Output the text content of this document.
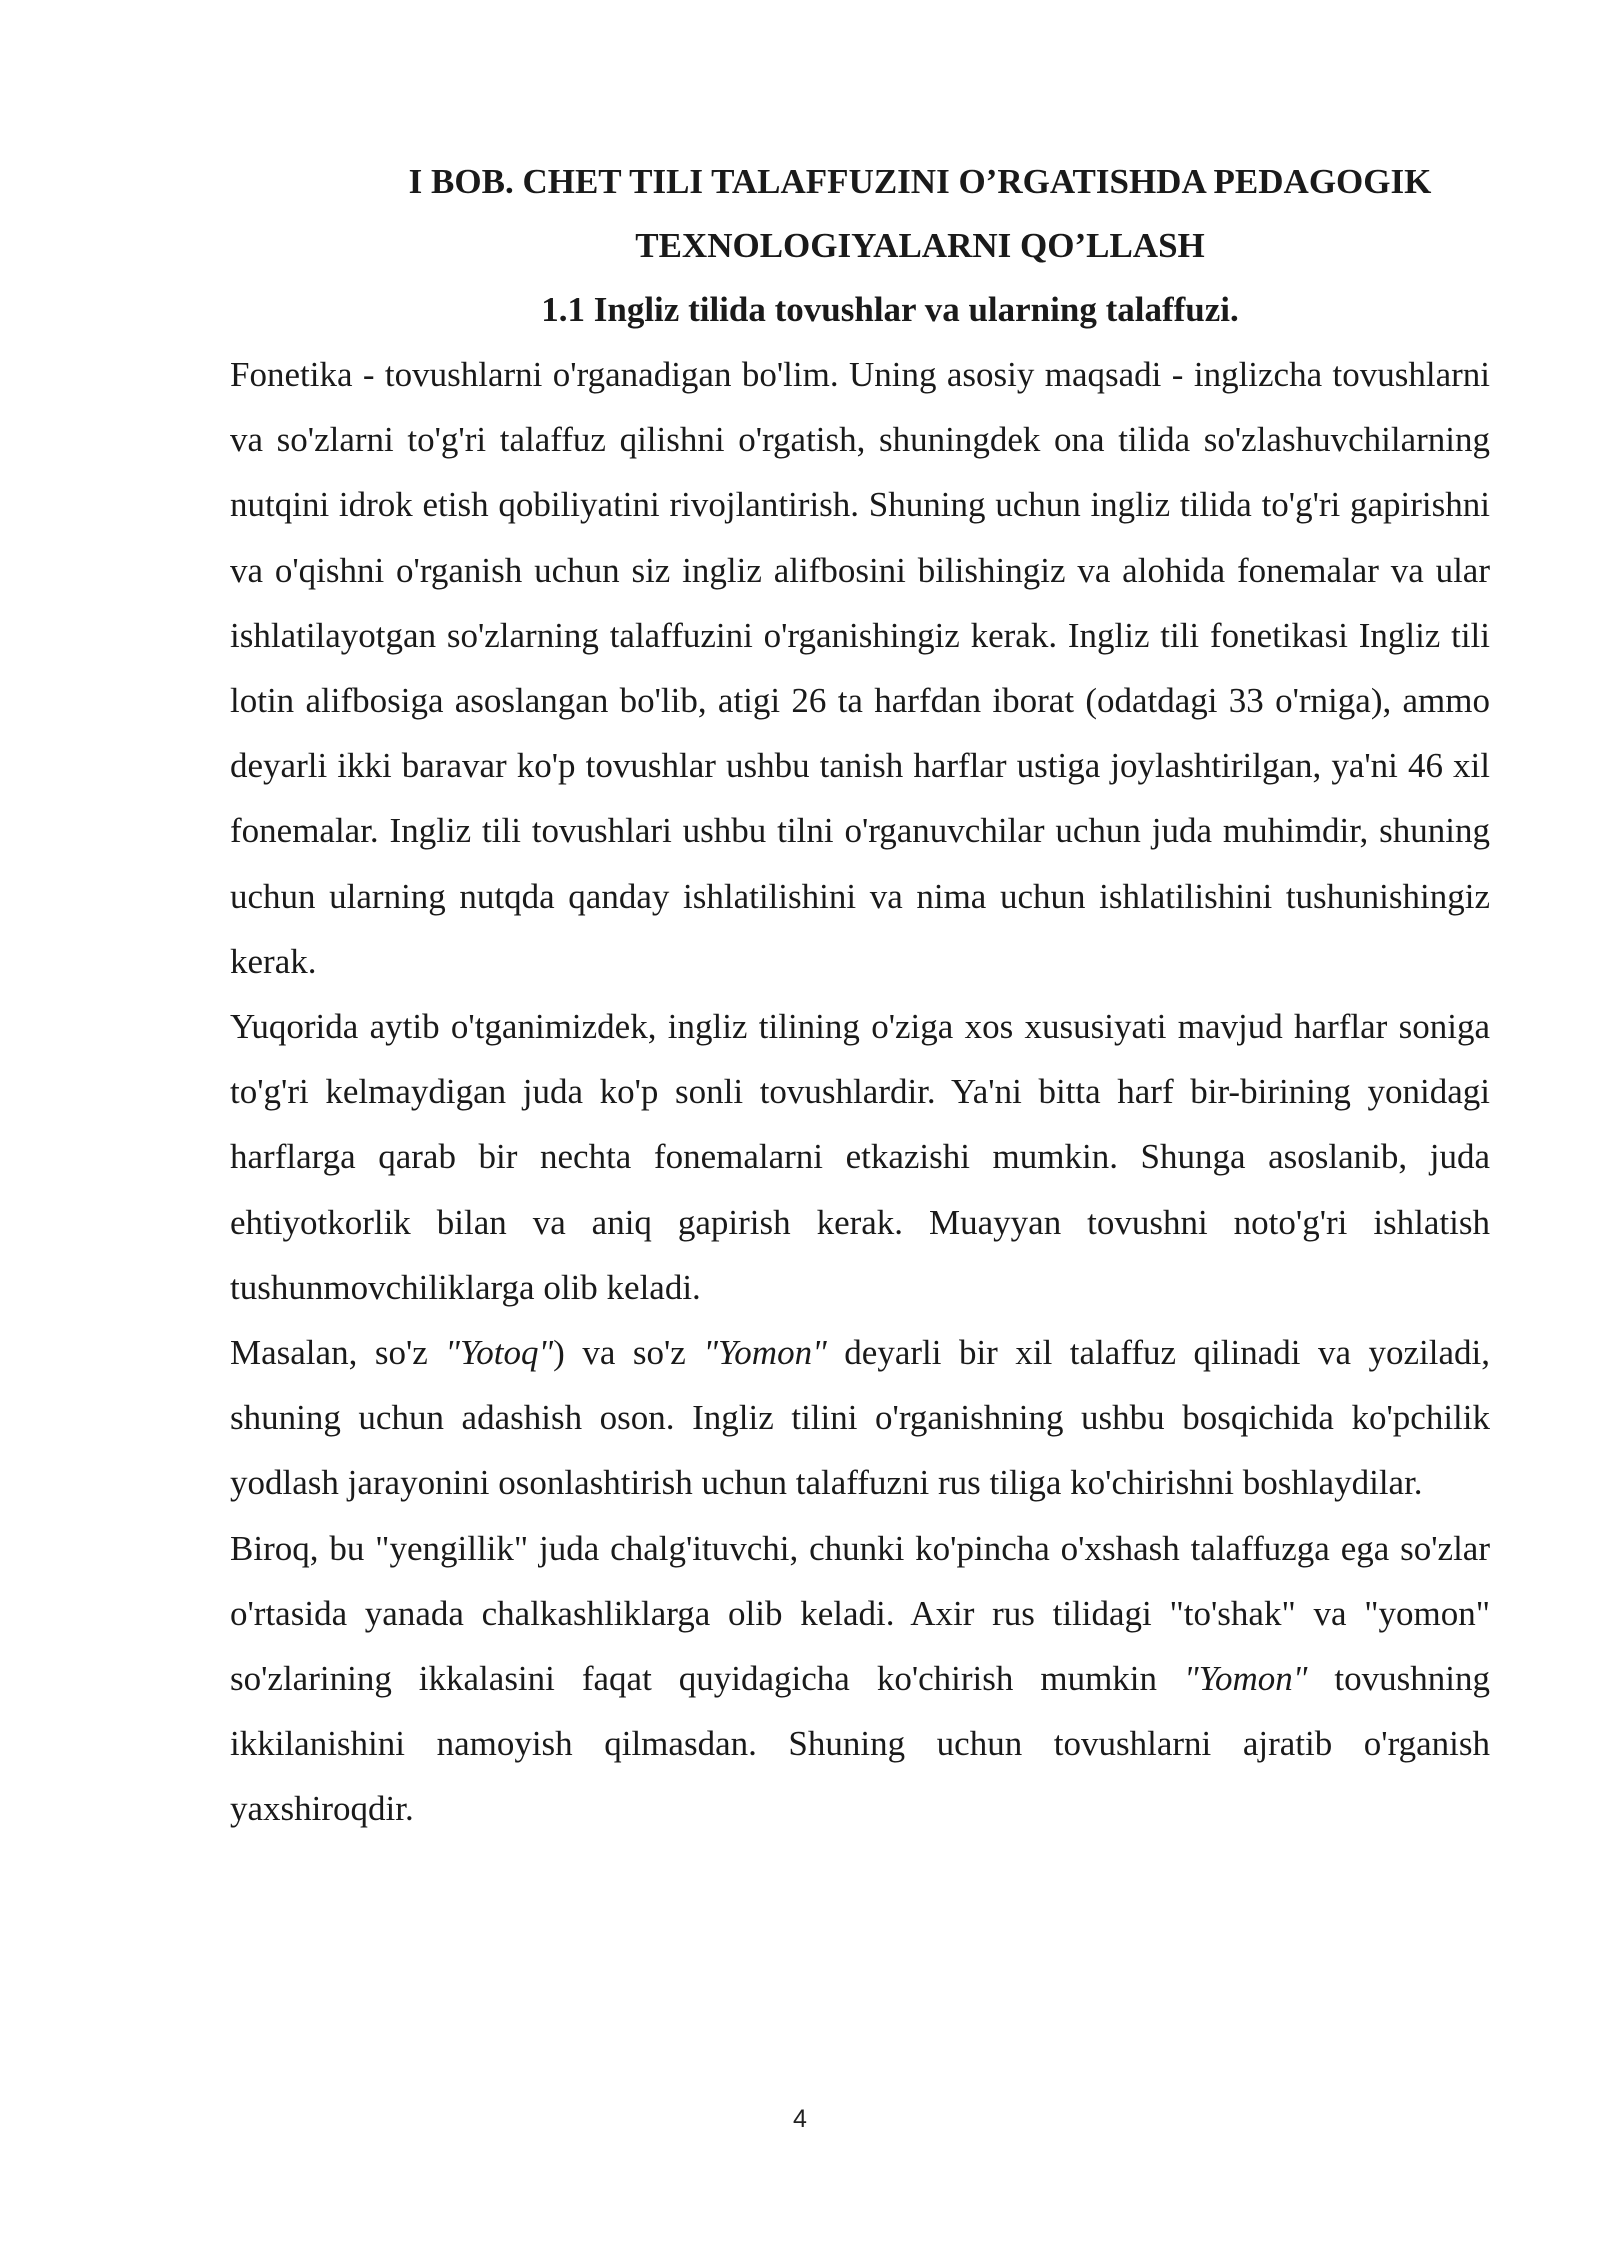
I BOB. CHET TILI TALAFFUZINI O’RGATISHDA PEDAGOGIK

TEXNOLOGIYALARNI QO’LLASH

1.1 Ingliz tilida tovushlar va ularning talaffuzi.

Fonetika - tovushlarni o'rganadigan bo'lim. Uning asosiy maqsadi - inglizcha tovushlarni va so'zlarni to'g'ri talaffuz qilishni o'rgatish, shuningdek ona tilida so'zlashuvchilarning nutqini idrok etish qobiliyatini rivojlantirish. Shuning uchun ingliz tilida to'g'ri gapirishni va o'qishni o'rganish uchun siz ingliz alifbosini bilishingiz va alohida fonemalar va ular ishlatilayotgan so'zlarning talaffuzini o'rganishingiz kerak. Ingliz tili fonetikasi Ingliz tili lotin alifbosiga asoslangan bo'lib, atigi 26 ta harfdan iborat (odatdagi 33 o'rniga), ammo deyarli ikki baravar ko'p tovushlar ushbu tanish harflar ustiga joylashtirilgan, ya'ni 46 xil fonemalar. Ingliz tili tovushlari ushbu tilni o'rganuvchilar uchun juda muhimdir, shuning uchun ularning nutqda qanday ishlatilishini va nima uchun ishlatilishini tushunishingiz kerak.

Yuqorida aytib o'tganimizdek, ingliz tilining o'ziga xos xususiyati mavjud harflar soniga to'g'ri kelmaydigan juda ko'p sonli tovushlardir. Ya'ni bitta harf bir-birining yonidagi harflarga qarab bir nechta fonemalarni etkazishi mumkin. Shunga asoslanib, juda ehtiyotkorlik bilan va aniq gapirish kerak. Muayyan tovushni noto'g'ri ishlatish tushunmovchiliklarga olib keladi.

Masalan, so'z "Yotoq") va so'z "Yomon" deyarli bir xil talaffuz qilinadi va yoziladi, shuning uchun adashish oson. Ingliz tilini o'rganishning ushbu bosqichida ko'pchilik yodlash jarayonini osonlashtirish uchun talaffuzni rus tiliga ko'chirishni boshlaydilar.

Biroq, bu "yengillik" juda chalg'ituvchi, chunki ko'pincha o'xshash talaffuzga ega so'zlar o'rtasida yanada chalkashliklarga olib keladi. Axir rus tilidagi "to'shak" va "yomon" so'zlarining ikkalasini faqat quyidagicha ko'chirish mumkin "Yomon" tovushning ikkilanishini namoyish qilmasdan. Shuning uchun tovushlarni ajratib o'rganish yaxshiroqdir.

4
